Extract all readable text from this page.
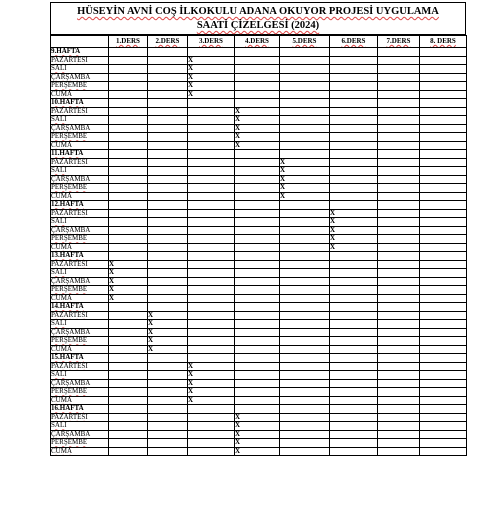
HÜSEYİN AVNİ COŞ İLKOKULU ADANA OKUYOR PROJESİ UYGULAMA
SAATİ ÇİZELGESİ (2024)
	1.DERS	2.DERS	3.DERS	4.DERS	5.DERS	6.DERS	7.DERS	8. DERS
9.HAFTA								
PAZARTESİ			X					
SALI			X					
ÇARŞAMBA			X					
PERŞEMBE			X					
CUMA			X					
10.HAFTA								
PAZARTESİ				X				
SALI				X				
ÇARŞAMBA				X				
PERŞEMBE				X				
CUMA				X				
11.HAFTA								
PAZARTESİ					X			
SALI					X			
ÇARŞAMBA					X			
PERŞEMBE					X			
CUMA					X			
12.HAFTA								
PAZARTESİ						X		
SALI						X		
ÇARŞAMBA						X		
PERŞEMBE						X		
CUMA						X		
13.HAFTA								
PAZARTESİ	X							
SALI	X							
ÇARŞAMBA	X							
PERŞEMBE	X							
CUMA	X							
14.HAFTA								
PAZARTESİ		X						
SALI		X						
ÇARŞAMBA		X						
PERŞEMBE		X						
CUMA		X						
15.HAFTA								
PAZARTESİ			X					
SALI			X					
ÇARŞAMBA			X					
PERŞEMBE			X					
CUMA			X					
16.HAFTA								
PAZARTESİ				X				
SALI				X				
ÇARŞAMBA				X				
PERŞEMBE				X				
CUMA				X				
